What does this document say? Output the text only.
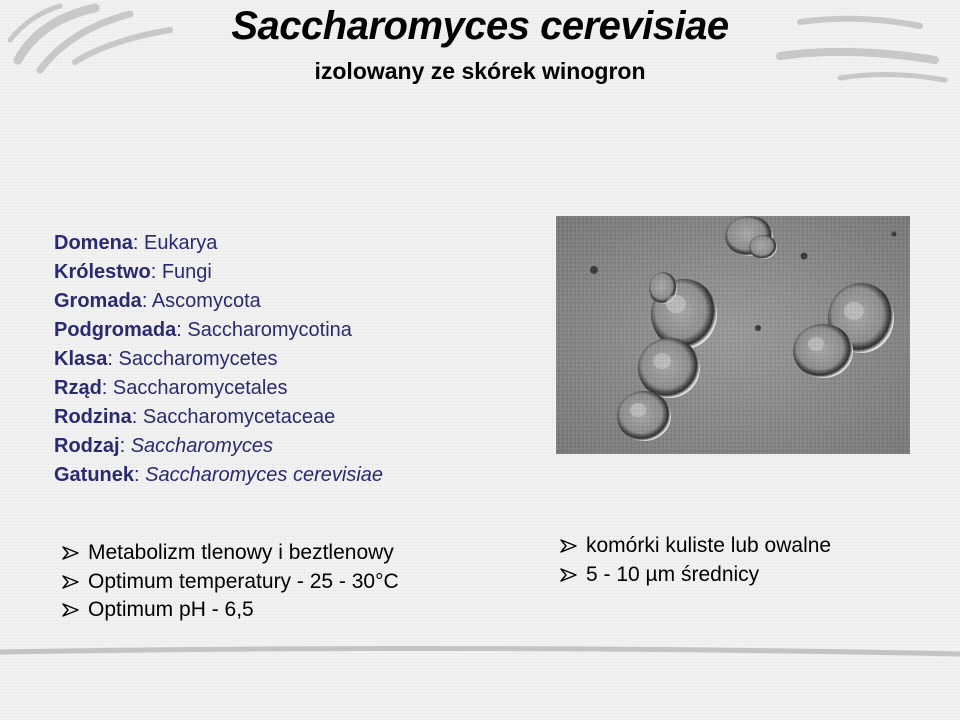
Saccharomyces cerevisiae
izolowany ze skórek winogron
Domena: Eukarya
Królestwo: Fungi
Gromada: Ascomycota
Podgromada: Saccharomycotina
Klasa: Saccharomycetes
Rząd: Saccharomycetales
Rodzina: Saccharomycetaceae
Rodzaj: Saccharomyces
Gatunek: Saccharomyces cerevisiae
Metabolizm tlenowy i beztlenowy
Optimum temperatury - 25 - 30°C
Optimum pH - 6,5
komórki kuliste lub owalne
5 - 10 µm średnicy
